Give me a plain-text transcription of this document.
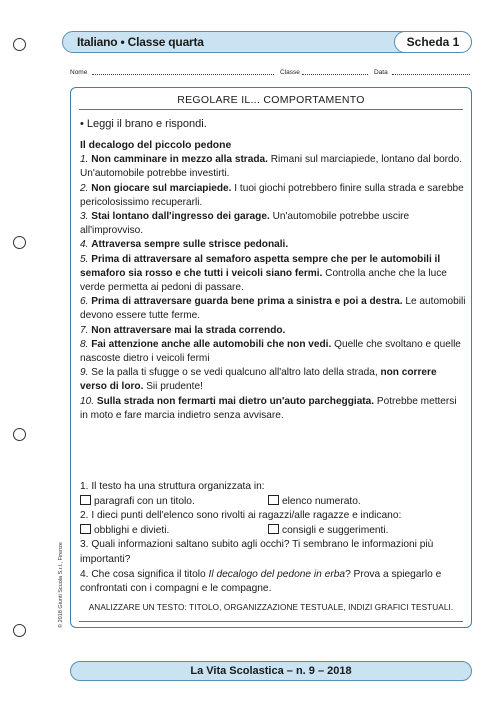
Italiano • Classe quarta	Scheda 1
Nome	Classe	Data
REGOLARE IL... COMPORTAMENTO
• Leggi il brano e rispondi.

Il decalogo del piccolo pedone

1. Non camminare in mezzo alla strada. Rimani sul marciapiede, lontano dal bordo. Un'automobile potrebbe investirti.

2. Non giocare sul marciapiede. I tuoi giochi potrebbero finire sulla strada e sarebbe pericolosissimo recuperarli.

3. Stai lontano dall'ingresso dei garage. Un'automobile potrebbe uscire all'improvviso.

4. Attraversa sempre sulle strisce pedonali.

5. Prima di attraversare al semaforo aspetta sempre che per le automobili il semaforo sia rosso e che tutti i veicoli siano fermi. Controlla anche che la luce verde permetta ai pedoni di passare.

6. Prima di attraversare guarda bene prima a sinistra e poi a destra. Le automobili devono essere tutte ferme.

7. Non attraversare mai la strada correndo.

8. Fai attenzione anche alle automobili che non vedi. Quelle che svoltano e quelle nascoste dietro i veicoli fermi

9. Se la palla ti sfugge o se vedi qualcuno all'altro lato della strada, non correre verso di loro. Sii prudente!

10. Sulla strada non fermarti mai dietro un'auto parcheggiata. Potrebbe mettersi in moto e fare marcia indietro senza avvisare.

1. Il testo ha una struttura organizzata in:

paragrafi con un titolo.	elenco numerato.

2. I dieci punti dell'elenco sono rivolti ai ragazzi/alle ragazze e indicano:

obblighi e divieti.	consigli e suggerimenti.

3. Quali informazioni saltano subito agli occhi? Ti sembrano le informazioni più importanti?

4. Che cosa significa il titolo Il decalogo del pedone in erba? Prova a spiegarlo e confrontati con i compagni e le compagne.

ANALIZZARE UN TESTO: TITOLO, ORGANIZZAZIONE TESTUALE, INDIZI GRAFICI TESTUALI.
© 2018 Giunti Scuola S.r.l., Firenze
La Vita Scolastica – n. 9 – 2018
